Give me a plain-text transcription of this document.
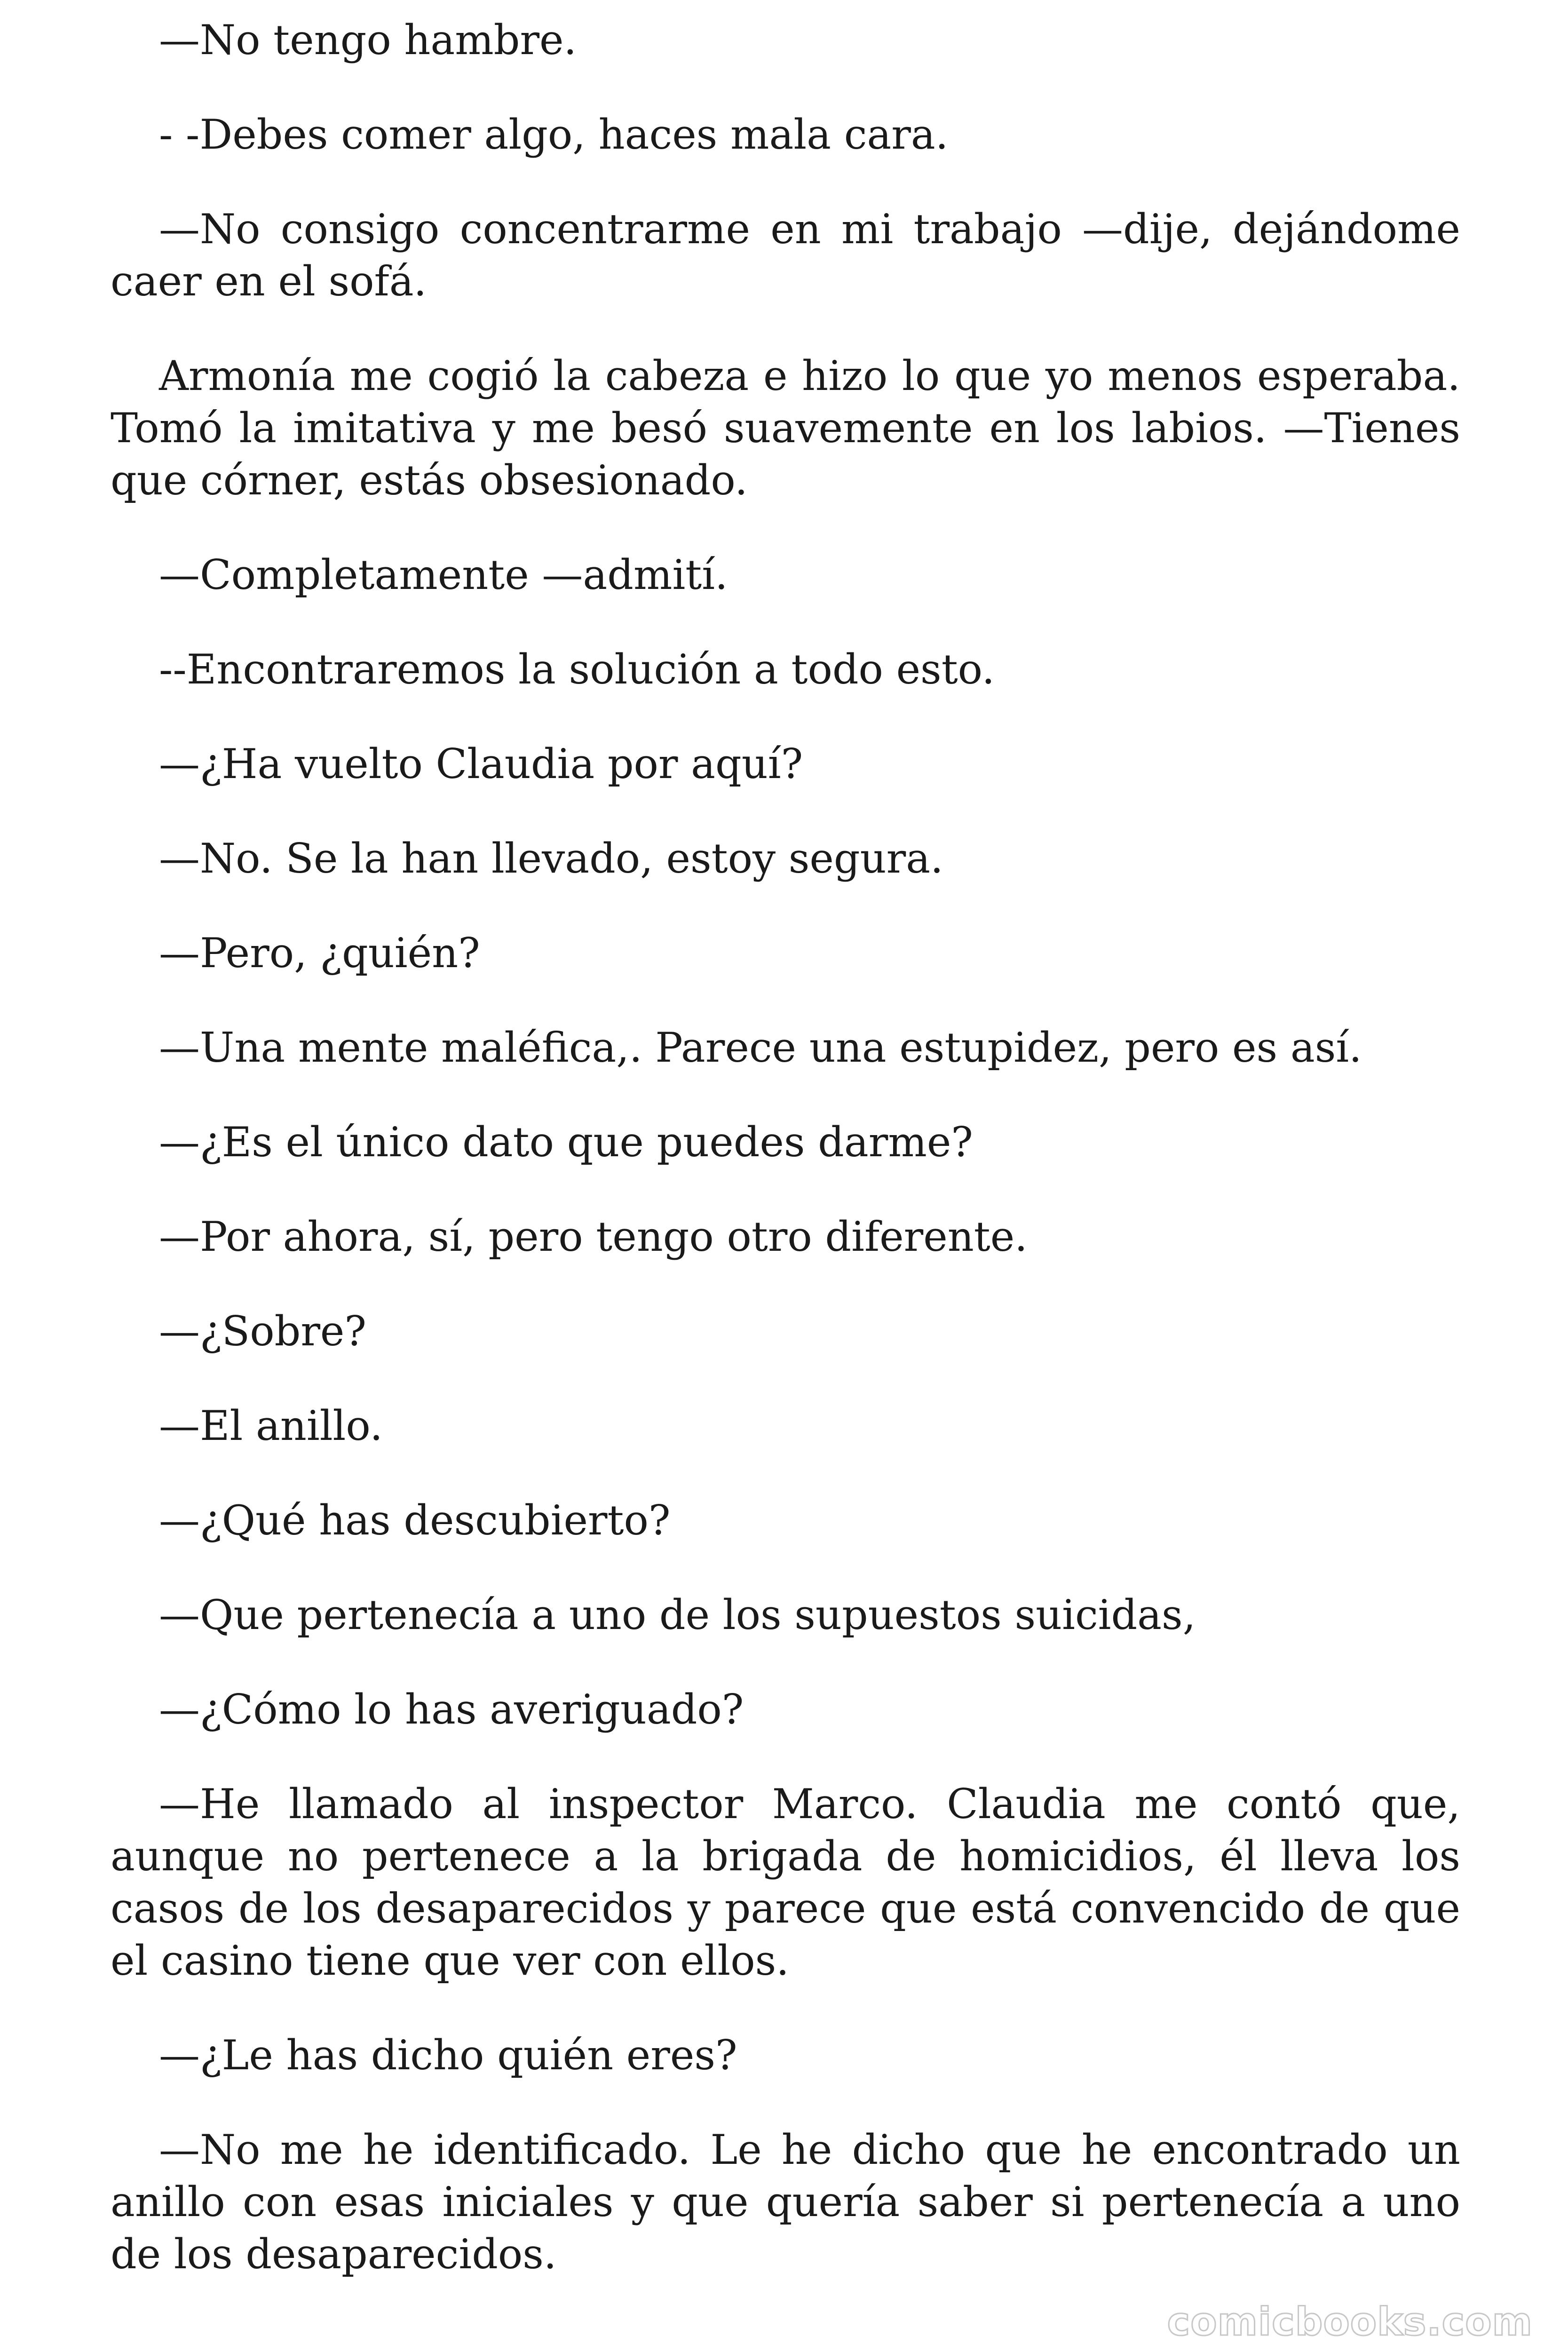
—No tengo hambre.

- -Debes comer algo, haces mala cara.

—No consigo concentrarme en mi trabajo —dije, dejándome caer en el sofá.

Armonía me cogió la cabeza e hizo lo que yo menos esperaba. Tomó la imitativa y me besó suavemente en los labios. —Tienes que córner, estás obsesionado.

—Completamente —admití.

--Encontraremos la solución a todo esto.

—¿Ha vuelto Claudia por aquí?

—No. Se la han llevado, estoy segura.

—Pero, ¿quién?

—Una mente maléfica,. Parece una estupidez, pero es así.

—¿Es el único dato que puedes darme?

—Por ahora, sí, pero tengo otro diferente.

—¿Sobre?

—El anillo.

—¿Qué has descubierto?

—Que pertenecía a uno de los supuestos suicidas,

—¿Cómo lo has averiguado?

—He llamado al inspector Marco. Claudia me contó que, aunque no pertenece a la brigada de homicidios, él lleva los casos de los desaparecidos y parece que está convencido de que el casino tiene que ver con ellos.

—¿Le has dicho quién eres?

—No me he identificado. Le he dicho que he encontrado un anillo con esas iniciales y que quería saber si pertenecía a uno de los desaparecidos.

comicbooks.com
